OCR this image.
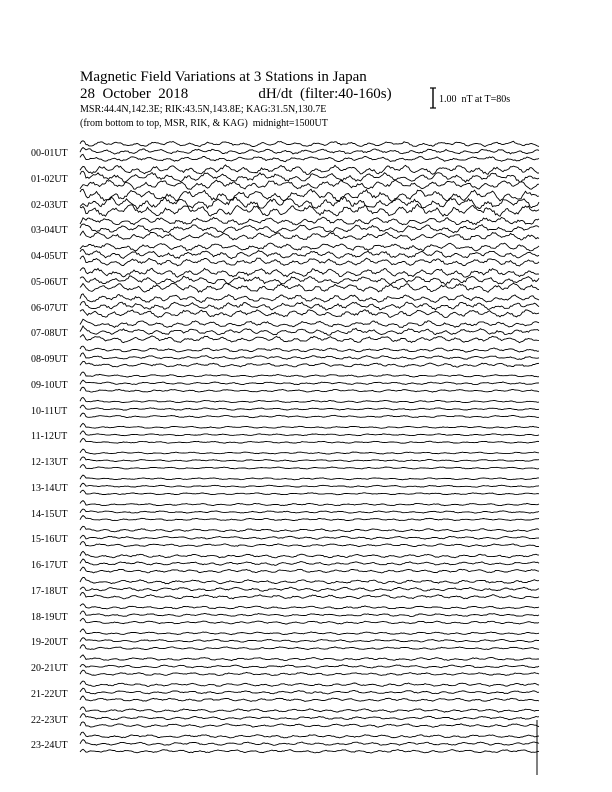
Magnetic Field Variations at 3 Stations in Japan
28  October  2018	dH/dt  (filter:40-160s)
MSR:44.4N,142.3E; RIK:43.5N,143.8E; KAG:31.5N,130.7E
(from bottom to top, MSR, RIK, & KAG)  midnight=1500UT
1.00  nT at T=80s
00-01UT
01-02UT
02-03UT
03-04UT
04-05UT
05-06UT
06-07UT
07-08UT
08-09UT
09-10UT
10-11UT
11-12UT
12-13UT
13-14UT
14-15UT
15-16UT
16-17UT
17-18UT
18-19UT
19-20UT
20-21UT
21-22UT
22-23UT
23-24UT
